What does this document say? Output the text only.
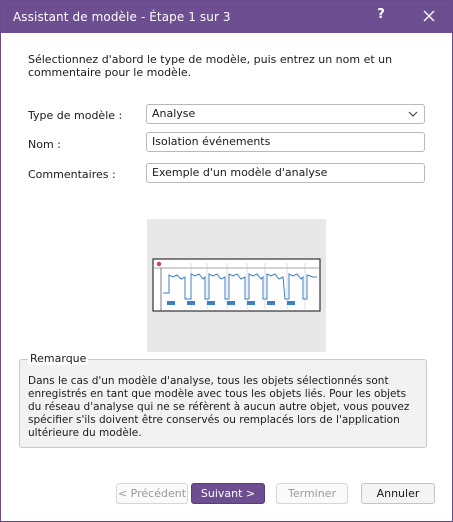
Assistant de modèle - Étape 1 sur 3	?
Sélectionnez d'abord le type de modèle, puis entrez un nom et un commentaire pour le modèle.
Type de modèle :	Analyse
Nom :	Isolation événements
Commentaires :	Exemple d'un modèle d'analyse
Remarque
Dans le cas d'un modèle d'analyse, tous les objets sélectionnés sont enregistrés en tant que modèle avec tous les objets liés. Pour les objets du réseau d'analyse qui ne se réfèrent à aucun autre objet, vous pouvez spécifier s'ils doivent être conservés ou remplacés lors de l'application ultérieure du modèle.
< Précédent	Suivant >	Terminer	Annuler
